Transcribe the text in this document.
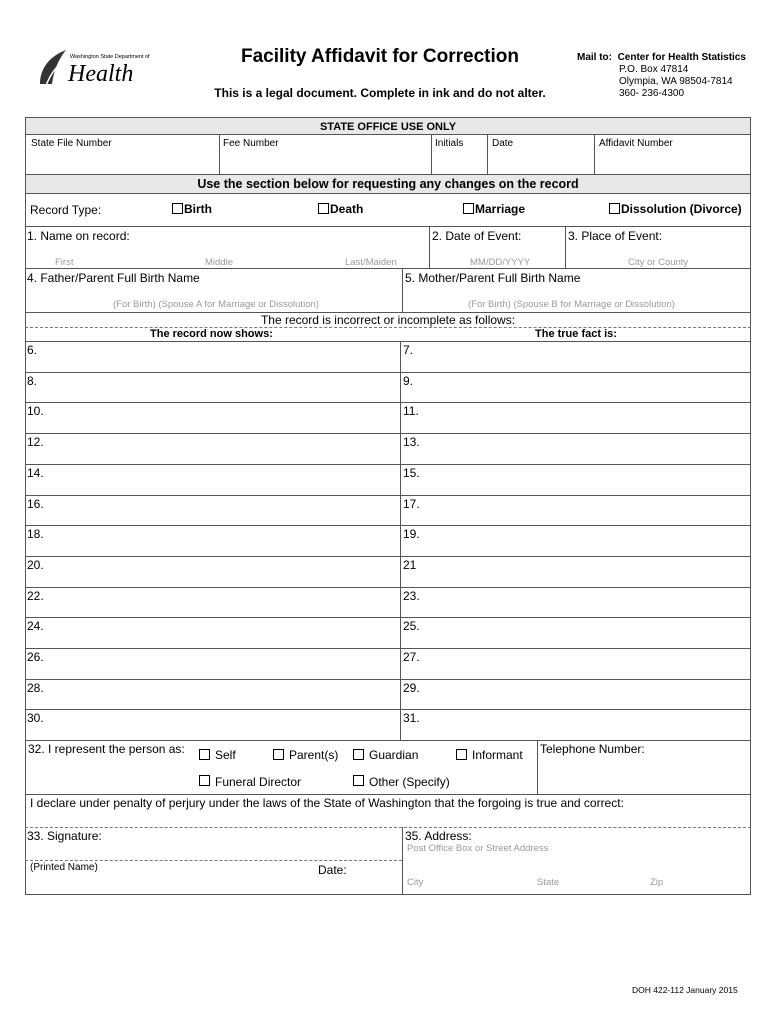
Washington State Department of
Health
Facility Affidavit for Correction
This is a legal document. Complete in ink and do not alter.
Mail to: Center for Health Statistics
P.O. Box 47814
Olympia, WA 98504-7814
360- 236-4300
STATE OFFICE USE ONLY
State File Number	Fee Number	Initials	Date	Affidavit Number
Use the section below for requesting any changes on the record
Record Type:	Birth	Death	Marriage	Dissolution (Divorce)
1. Name on record:	2. Date of Event:	3. Place of Event:
First	Middle	Last/Maiden	MM/DD/YYYY	City or County
4. Father/Parent Full Birth Name	5. Mother/Parent Full Birth Name
(For Birth) (Spouse A for Marriage or Dissolution)	(For Birth) (Spouse B for Marriage or Dissolution)
The record is incorrect or incomplete as follows:
The record now shows:	The true fact is:
6.	7.
8.	9.
10.	11.
12.	13.
14.	15.
16.	17.
18.	19.
20.	21
22.	23.
24.	25.
26.	27.
28.	29.
30.	31.
32. I represent the person as:	Self	Parent(s)	Guardian	Informant
Funeral Director	Other (Specify)
Telephone Number:
I declare under penalty of perjury under the laws of the State of Washington that the forgoing is true and correct:
33. Signature:	35. Address:
Post Office Box or Street Address
(Printed Name)	Date:
City	State	Zip
DOH 422-112 January 2015
